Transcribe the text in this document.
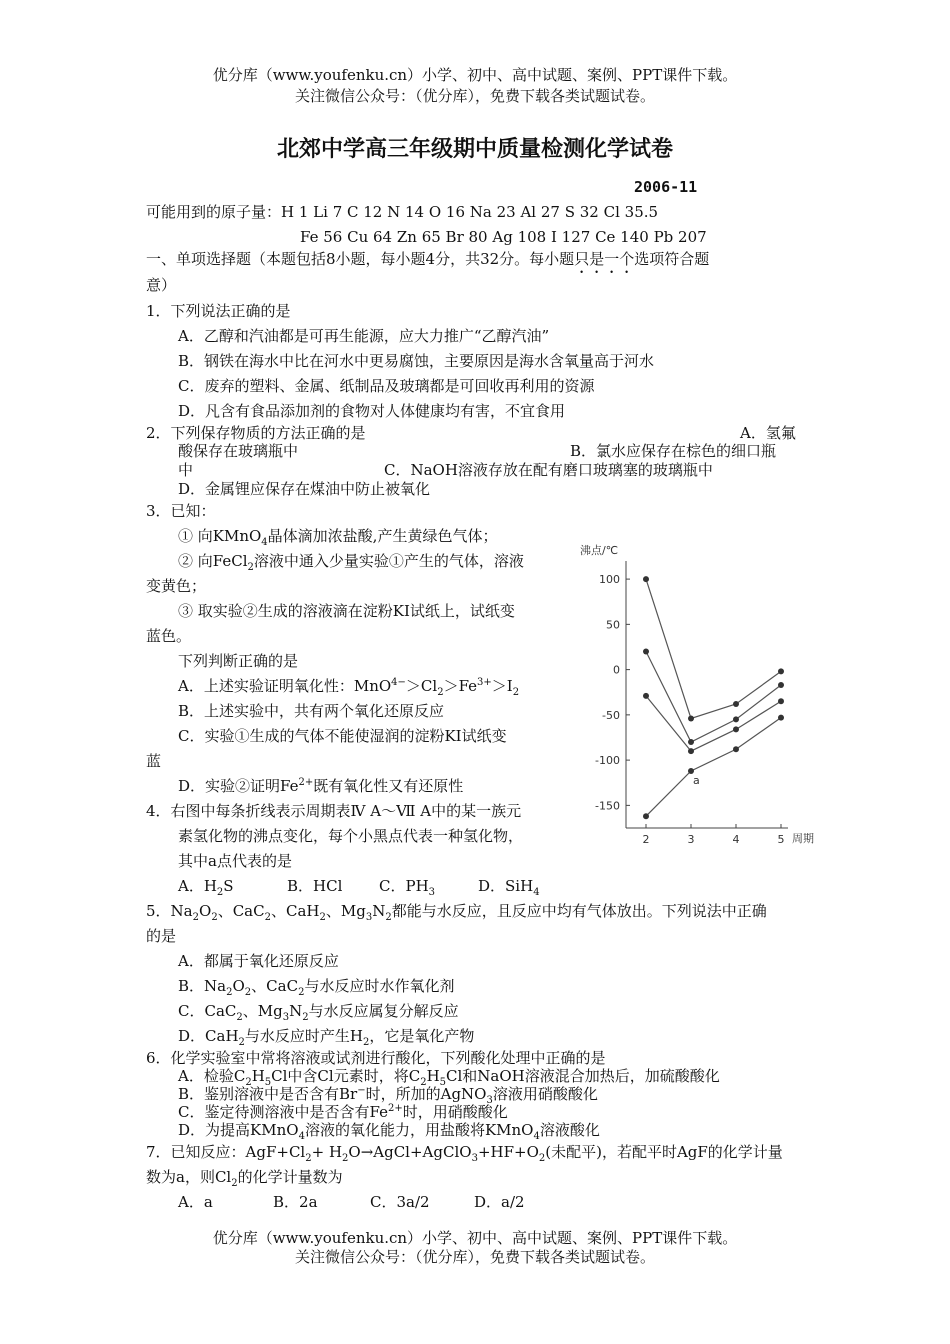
优分库（www.youfenku.cn）小学、初中、高中试题、案例、PPT课件下载。
关注微信公众号：（优分库），免费下载各类试题试卷。
北郊中学高三年级期中质量检测化学试卷
2006-11
可能用到的原子量：H 1 Li 7 C 12 N 14 O 16 Na 23 Al 27 S 32 Cl 35.5
Fe 56 Cu 64 Zn 65 Br 80 Ag 108 I 127 Ce 140 Pb 207
一、单项选择题（本题包括8小题，每小题4分，共32分。每小题只是一个选项符合题
意）
1．下列说法正确的是
A．乙醇和汽油都是可再生能源，应大力推广“乙醇汽油”
B．钢铁在海水中比在河水中更易腐蚀，主要原因是海水含氧量高于河水
C．废弃的塑料、金属、纸制品及玻璃都是可回收再利用的资源
D．凡含有食品添加剂的食物对人体健康均有害，不宜食用
2．下列保存物质的方法正确的是	A．氢氟
酸保存在玻璃瓶中	B．氯水应保存在棕色的细口瓶
中	C．NaOH溶液存放在配有磨口玻璃塞的玻璃瓶中
D．金属锂应保存在煤油中防止被氧化
3．已知：
① 向KMnO$_4$晶体滴加浓盐酸,产生黄绿色气体；
② 向FeCl$_2$溶液中通入少量实验①产生的气体，溶液
变黄色；
③ 取实验②生成的溶液滴在淀粉KI试纸上，试纸变
蓝色。
下列判断正确的是
A．上述实验证明氧化性：$MnO^{4-}>Cl_2>Fe^{3+}>I_2$
B．上述实验中，共有两个氧化还原反应
C．实验①生成的气体不能使湿润的淀粉KI试纸变
蓝
D．实验②证明$Fe^{2+}$既有氧化性又有还原性
4．右图中每条折线表示周期表Ⅳ A～Ⅶ A中的某一族元
素氢化物的沸点变化，每个小黑点代表一种氢化物，
其中a点代表的是
A．$H_2S$	B．HCl C．$PH_3$	D．SiH$_4$
沸点/℃
周期
100
50
0
-50
-100
-150
2	3	4	5
a
5．$Na_2O_2$、CaC$_2$、CaH$_2$、$Mg_3N_2$都能与水反应，且反应中均有气体放出。下列说法中正确
的是
A．都属于氧化还原反应
B．$Na_2O_2$、CaC$_2$与水反应时水作氧化剂
C．CaC$_2$、$Mg_3N_2$与水反应属复分解反应
D．CaH$_2$与水反应时产生$H_2$，它是氧化产物
6．化学实验室中常将溶液或试剂进行酸化，下列酸化处理中正确的是
A．检验$C_2H_5Cl$中含Cl元素时，将$C_2H_5Cl$和NaOH溶液混合加热后，加硫酸酸化
B．鉴别溶液中是否含有Br−时，所加的AgNO$_3$溶液用硝酸酸化
C．鉴定待测溶液中是否含有$Fe^{2+}$时，用硝酸酸化
D．为提高KMnO$_4$溶液的氧化能力，用盐酸将KMnO$_4$溶液酸化
7．已知反应：$AgF+Cl_2+$ $H_2O\to AgCl+AgClO_3+HF+O_2$(未配平)，若配平时AgF的化学计量
数为a，则$Cl_2$的化学计量数为
A．a	B．2a	C．3a/2	D．a/2
优分库（www.youfenku.cn）小学、初中、高中试题、案例、PPT课件下载。
关注微信公众号：（优分库），免费下载各类试题试卷。
